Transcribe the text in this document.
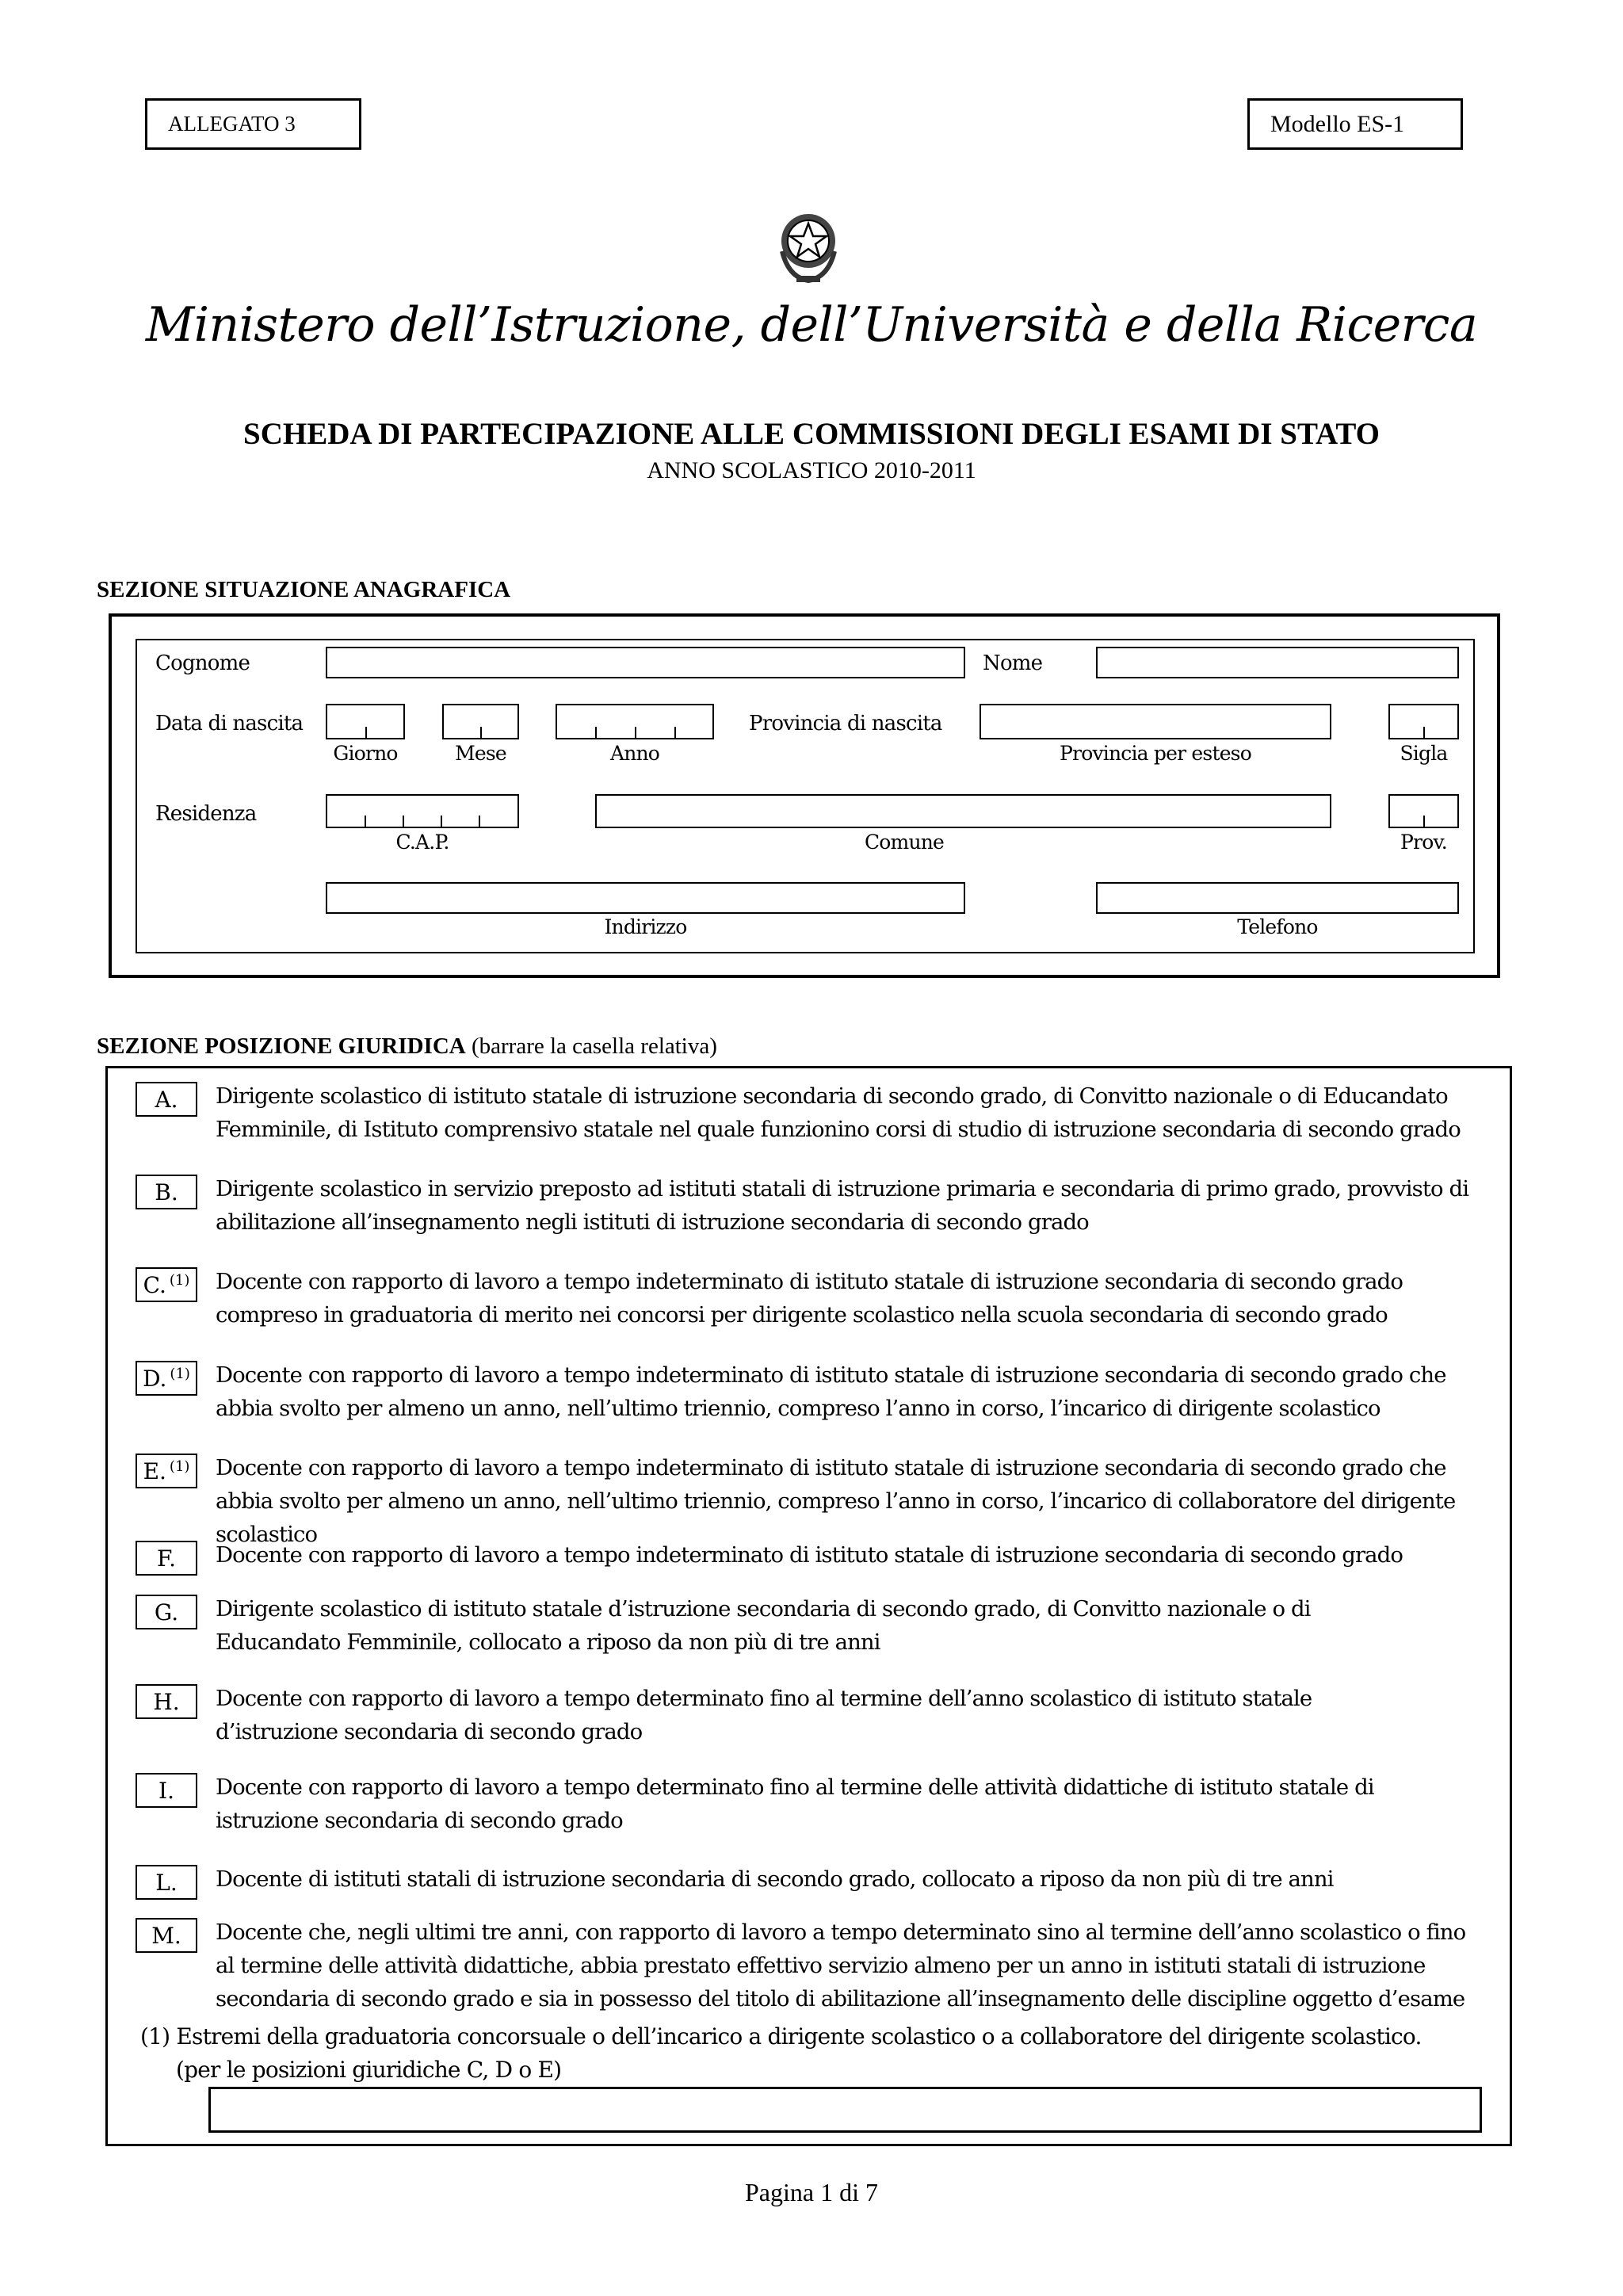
ALLEGATO 3	Modello ES-1
Ministero dell’Istruzione, dell’Università e della Ricerca
SCHEDA DI PARTECIPAZIONE ALLE COMMISSIONI DEGLI ESAMI DI STATO
ANNO SCOLASTICO 2010-2011
SEZIONE SITUAZIONE ANAGRAFICA
Cognome	Nome
Data di nascita	Provincia di nascita
Giorno	Mese	Anno	Provincia per esteso	Sigla
Residenza
C.A.P.	Comune	Prov.
Indirizzo	Telefono
SEZIONE POSIZIONE GIURIDICA (barrare la casella relativa)
A. Dirigente scolastico di istituto statale di istruzione secondaria di secondo grado, di Convitto nazionale o di Educandato Femminile, di Istituto comprensivo statale nel quale funzionino corsi di studio di istruzione secondaria di secondo grado
B. Dirigente scolastico in servizio preposto ad istituti statali di istruzione primaria e secondaria di primo grado, provvisto di abilitazione all’insegnamento negli istituti di istruzione secondaria di secondo grado
C.$^{(1)}$ Docente con rapporto di lavoro a tempo indeterminato di istituto statale di istruzione secondaria di secondo grado compreso in graduatoria di merito nei concorsi per dirigente scolastico nella scuola secondaria di secondo grado
D.$^{(1)}$ Docente con rapporto di lavoro a tempo indeterminato di istituto statale di istruzione secondaria di secondo grado che abbia svolto per almeno un anno, nell’ultimo triennio, compreso l’anno in corso, l’incarico di dirigente scolastico
E.$^{(1)}$ Docente con rapporto di lavoro a tempo indeterminato di istituto statale di istruzione secondaria di secondo grado che abbia svolto per almeno un anno, nell’ultimo triennio, compreso l’anno in corso, l’incarico di collaboratore del dirigente scolastico
F. Docente con rapporto di lavoro a tempo indeterminato di istituto statale di istruzione secondaria di secondo grado
G. Dirigente scolastico di istituto statale d’istruzione secondaria di secondo grado, di Convitto nazionale o di Educandato Femminile, collocato a riposo da non più di tre anni
H. Docente con rapporto di lavoro a tempo determinato fino al termine dell’anno scolastico di istituto statale d’istruzione secondaria di secondo grado
I. Docente con rapporto di lavoro a tempo determinato fino al termine delle attività didattiche di istituto statale di istruzione secondaria di secondo grado
L. Docente di istituti statali di istruzione secondaria di secondo grado, collocato a riposo da non più di tre anni
M. Docente che, negli ultimi tre anni, con rapporto di lavoro a tempo determinato sino al termine dell’anno scolastico o fino al termine delle attività didattiche, abbia prestato effettivo servizio almeno per un anno in istituti statali di istruzione secondaria di secondo grado e sia in possesso del titolo di abilitazione all’insegnamento delle discipline oggetto d’esame
(1) Estremi della graduatoria concorsuale o dell’incarico a dirigente scolastico o a collaboratore del dirigente scolastico.
(per le posizioni giuridiche C, D o E)
Pagina 1 di 7
